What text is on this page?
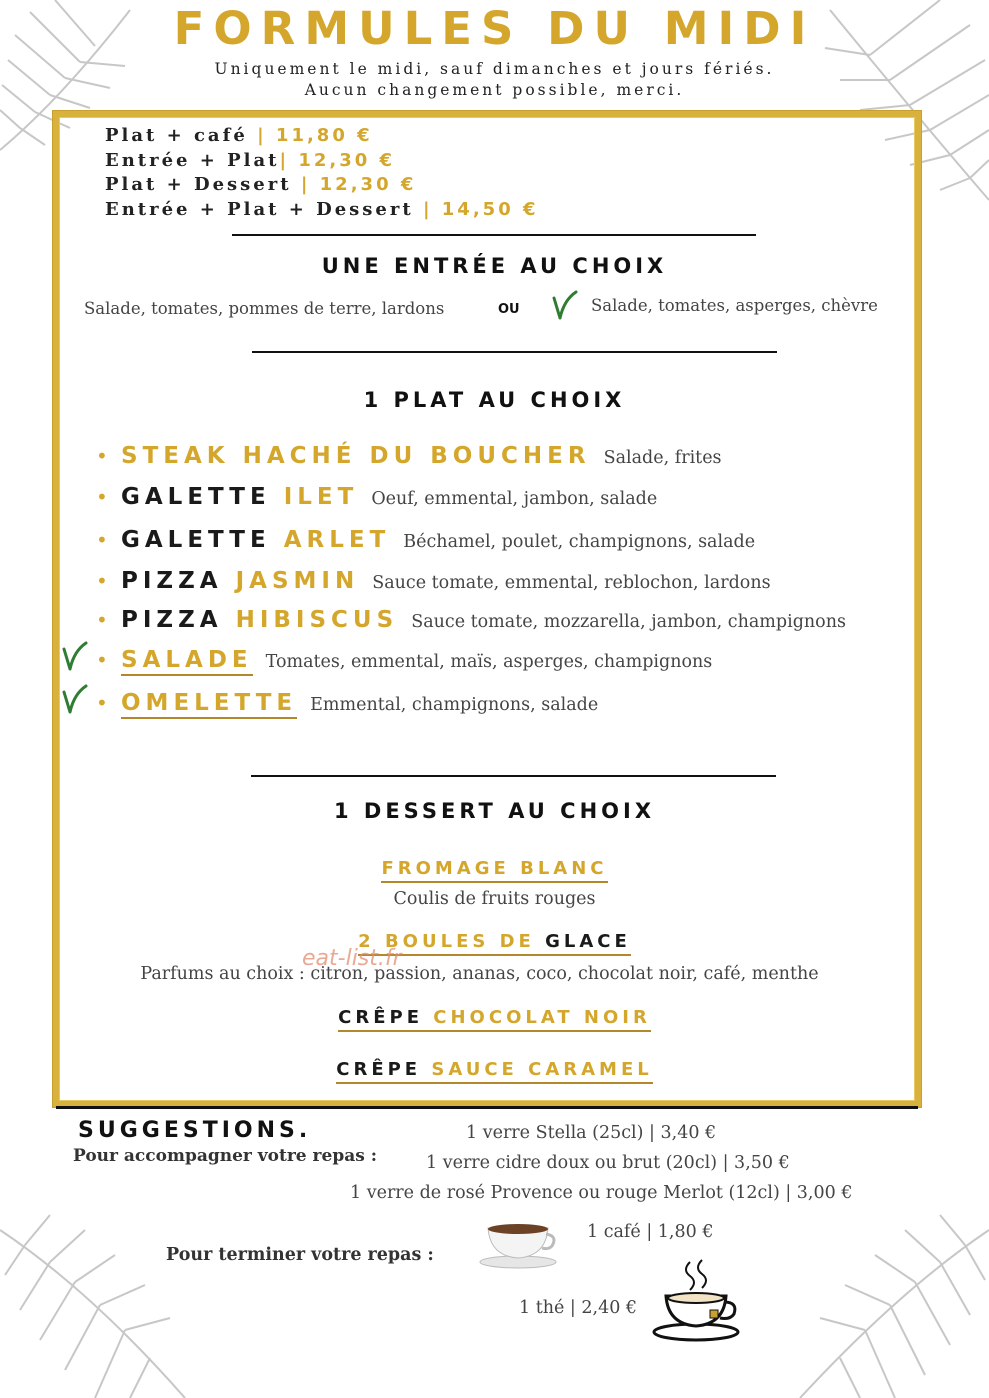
FORMULES DU MIDI
Uniquement le midi, sauf dimanches et jours fériés.
Aucun changement possible, merci.
Plat + café | 11,80 €
Entrée + Plat| 12,30 €
Plat + Dessert | 12,30 €
Entrée + Plat + Dessert | 14,50 €
UNE ENTRÉE AU CHOIX
Salade, tomates, pommes de terre, lardons	OU	Salade, tomates, asperges, chèvre
1 PLAT AU CHOIX
• STEAK HACHÉ DU BOUCHER Salade, frites
• GALETTE ILET Oeuf, emmental, jambon, salade
• GALETTE ARLET Béchamel, poulet, champignons, salade
• PIZZA JASMIN Sauce tomate, emmental, reblochon, lardons
• PIZZA HIBISCUS Sauce tomate, mozzarella, jambon, champignons
• SALADE Tomates, emmental, maïs, asperges, champignons
• OMELETTE Emmental, champignons, salade
1 DESSERT AU CHOIX
FROMAGE BLANC
Coulis de fruits rouges
2 BOULES DE GLACE
Parfums au choix : citron, passion, ananas, coco, chocolat noir, café, menthe
eat-list.fr
CRÊPE CHOCOLAT NOIR
CRÊPE SAUCE CARAMEL
SUGGESTIONS.
Pour accompagner votre repas :
1 verre Stella (25cl) | 3,40 €
1 verre cidre doux ou brut (20cl) | 3,50 €
1 verre de rosé Provence ou rouge Merlot (12cl) | 3,00 €
Pour terminer votre repas :
1 café | 1,80 €
1 thé | 2,40 €
